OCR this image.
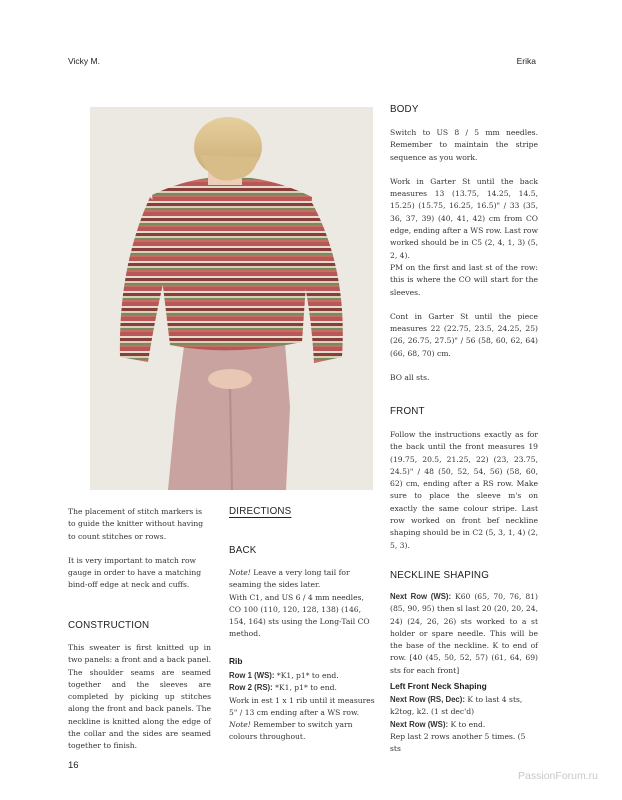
Vicky M.	Erika

The placement of stitch markers is to guide the knitter without having to count stitches or rows.

It is very important to match row gauge in order to have a matching bind-off edge at neck and cuffs.

CONSTRUCTION
This sweater is first knitted up in two panels: a front and a back panel. The shoulder seams are seamed together and the sleeves are completed by picking up stitches along the front and back panels. The neckline is knitted along the edge of the collar and the sides are seamed together to finish.
DIRECTIONS
BACK
Note! Leave a very long tail for seaming the sides later.
With C1, and US 6 / 4 mm needles, CO 100 (110, 120, 128, 138) (146, 154, 164) sts using the Long-Tail CO method.
Rib
Row 1 (WS): *K1, p1* to end.
Row 2 (RS): *K1, p1* to end.
Work in est 1 x 1 rib until it measures 5" / 13 cm ending after a WS row.
Note! Remember to switch yarn colours throughout.
BODY

Switch to US 8 / 5 mm needles. Remember to maintain the stripe sequence as you work.

Work in Garter St until the back measures 13 (13.75, 14.25, 14.5, 15.25) (15.75, 16.25, 16.5)" / 33 (35, 36, 37, 39) (40, 41, 42) cm from CO edge, ending after a WS row. Last row worked should be in C5 (2, 4, 1, 3) (5, 2, 4).

PM on the first and last st of the row: this is where the CO will start for the sleeves.

Cont in Garter St until the piece measures 22 (22.75, 23.5, 24.25, 25) (26, 26.75, 27.5)" / 56 (58, 60, 62, 64) (66, 68, 70) cm.

BO all sts.

FRONT
Follow the instructions exactly as for the back until the front measures 19 (19.75, 20.5, 21.25, 22) (23, 23.75, 24.5)" / 48 (50, 52, 54, 56) (58, 60, 62) cm, ending after a RS row. Make sure to place the sleeve m's on exactly the same colour stripe. Last row worked on front bef neckline shaping should be in C2 (5, 3, 1, 4) (2, 5, 3).
NECKLINE SHAPING
Next Row (WS): K60 (65, 70, 76, 81) (85, 90, 95) then sl last 20 (20, 20, 24, 24) (24, 26, 26) sts worked to a st holder or spare needle. This will be the base of the neckline. K to end of row. [40 (45, 50, 52, 57) (61, 64, 69) sts for each front]
Left Front Neck Shaping
Next Row (RS, Dec): K to last 4 sts, k2tog, k2. (1 st dec'd)
Next Row (WS): K to end.
Rep last 2 rows another 5 times. (5 sts
16
PassionForum.ru
